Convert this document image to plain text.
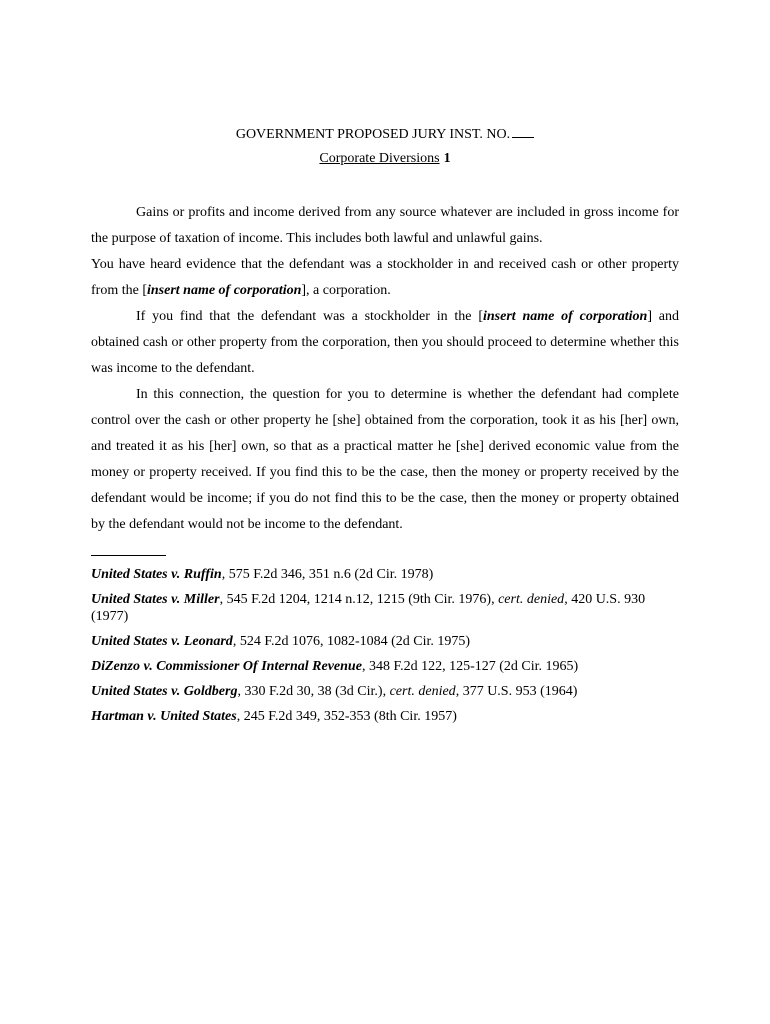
GOVERNMENT PROPOSED JURY INST. NO.
Corporate Diversions 1

Gains or profits and income derived from any source whatever are included in gross income for the purpose of taxation of income. This includes both lawful and unlawful gains.

You have heard evidence that the defendant was a stockholder in and received cash or other property from the [insert name of corporation], a corporation.

If you find that the defendant was a stockholder in the [insert name of corporation] and obtained cash or other property from the corporation, then you should proceed to determine whether this was income to the defendant.

In this connection, the question for you to determine is whether the defendant had complete control over the cash or other property he [she] obtained from the corporation, took it as his [her] own, and treated it as his [her] own, so that as a practical matter he [she] derived economic value from the money or property received. If you find this to be the case, then the money or property received by the defendant would be income; if you do not find this to be the case, then the money or property obtained by the defendant would not be income to the defendant.

United States v. Ruffin, 575 F.2d 346, 351 n.6 (2d Cir. 1978)

United States v. Miller, 545 F.2d 1204, 1214 n.12, 1215 (9th Cir. 1976), cert. denied, 420 U.S. 930 (1977)

United States v. Leonard, 524 F.2d 1076, 1082-1084 (2d Cir. 1975)

DiZenzo v. Commissioner Of Internal Revenue, 348 F.2d 122, 125-127 (2d Cir. 1965)

United States v. Goldberg, 330 F.2d 30, 38 (3d Cir.), cert. denied, 377 U.S. 953 (1964)

Hartman v. United States, 245 F.2d 349, 352-353 (8th Cir. 1957)
